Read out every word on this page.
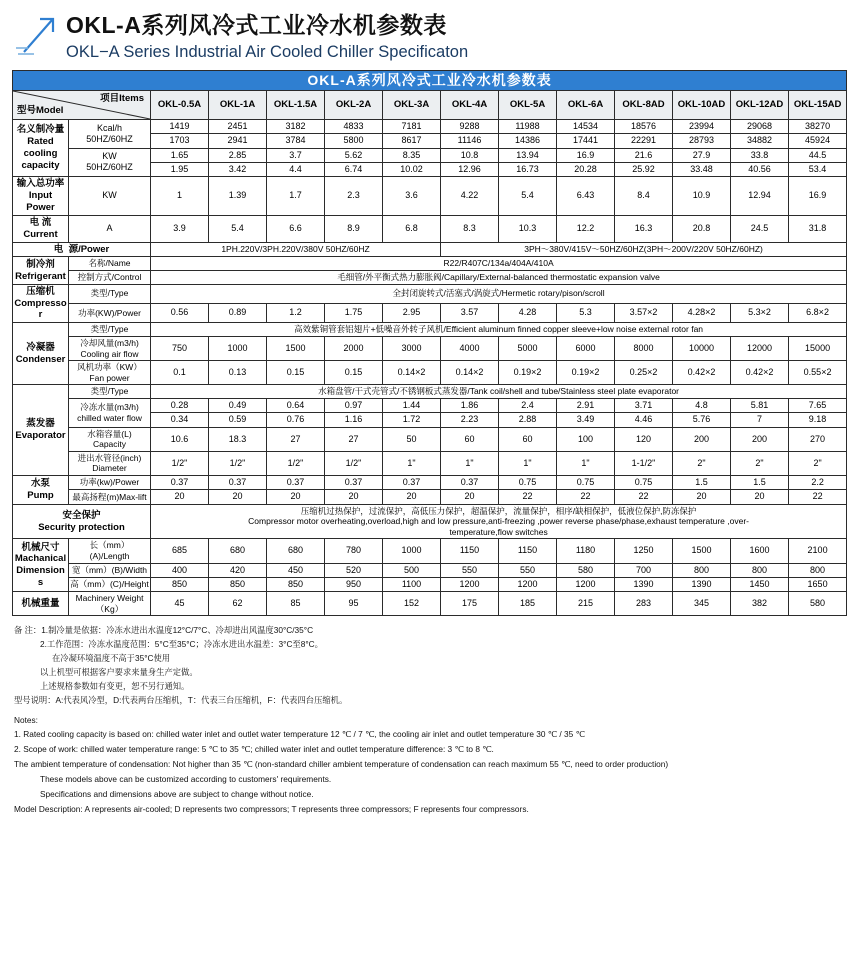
OKL-A系列风冷式工业冷水机参数表
OKL−A Series Industrial Air Cooled Chiller Specificaton
OKL-A系列风冷式工业冷水机参数表													

型号Model
项目Items		OKL-0.5A	OKL-1A	OKL-1.5A	OKL-2A	OKL-3A	OKL-4A	OKL-5A	OKL-6A	OKL-8AD	OKL-10AD	OKL-12AD	OKL-15AD

名义制冷量
Rated
cooling
capacity

Kcal/h
50HZ/60HZ
	1419	2451	3182	4833	7181	9288	11988	14534	18576	23994	29068	38270
		1703	2941	3784	5800	8617	11146	14386	17441	22291	28793	34882	45924

	KW
50HZ/60HZ	1.65	2.85	3.7	5.62	8.35	10.8	13.94	16.9	21.6	27.9	33.8	44.5
		1.95	3.42	4.4	6.74	10.02	12.96	16.73	20.28	25.92	33.48	40.56	53.4

输入总功率
Input Power	KW	1	1.39	1.7	2.3	3.6	4.22	5.4	6.43	8.4	10.9	12.94	16.9

电 流
Current	A	3.9	5.4	6.6	8.9	6.8	8.3	10.3	12.2	16.3	20.8	24.5	31.8
电 源/Power		1PH.220V/3PH.220V/380V 50HZ/60HZ					3PH～380V/415V～50HZ/60HZ(3PH～200V/220V 50HZ/60HZ)						

制冷剂
Refrigerant	名称/Name	R22/R407C/134a/404A/410A											
	控制方式/Control	毛细管/外平衡式热力膨胀阀/Capillary/External-balanced thermostatic expansion valve											

压缩机
Compressor	类型/Type	全封闭旋转式/活塞式/涡旋式/Hermetic rotary/pison/scroll											
	功率(KW)/Power	0.56	0.89	1.2	1.75	2.95	3.57	4.28	5.3	3.57×2	4.28×2	5.3×2	6.8×2

冷凝器
Condenser	类型/Type	高效紫铜管套铝翅片+低噪音外转子风机/Efficient aluminum finned copper sleeve+low noise external rotor fan											

	冷却风量(m3/h)
Cooling air flow	750	1000	1500	2000	3000	4000	5000	6000	8000	10000	12000	15000

	风机功率（KW）
Fan power	0.1	0.13	0.15	0.15	0.14×2	0.14×2	0.19×2	0.19×2	0.25×2	0.42×2	0.42×2	0.55×2

蒸发器
Evaporator	类型/Type	水箱盘管/干式壳管式/不锈钢板式蒸发器/Tank coil/shell and tube/Stainless steel plate evaporator											

	冷冻水量(m3/h)
chilled water flow	0.28	0.49	0.64	0.97	1.44	1.86	2.4	2.91	3.71	4.8	5.81	7.65
		0.34	0.59	0.76	1.16	1.72	2.23	2.88	3.49	4.46	5.76	7	9.18

	水箱容量(L)
Capacity	10.6	18.3	27	27	50	60	60	100	120	200	200	270

	进出水管径(inch)
Diameter	1/2"	1/2"	1/2"	1/2"	1"	1"	1"	1"	1-1/2"	2"	2"	2"

水泵
Pump	功率(kw)/Power	0.37	0.37	0.37	0.37	0.37	0.37	0.75	0.75	0.75	1.5	1.5	2.2
	最高扬程(m)Max-lift	20	20	20	20	20	20	22	22	22	20	20	22

安全保护
Security protection

压缩机过热保护，过流保护，高低压力保护，超温保护，流量保护，相序/缺相保护，低液位保护,防冻保护
Compressor motor overheating,overload,high and low pressure,anti-freezing ,power reverse phase/phase,exhaust temperature ,over-
temperature,flow switches

机械尺寸
Machanical
Dimensions	长（mm）(A)/Length	685	680	680	780	1000	1150	1150	1180	1250	1500	1600	2100
	宽（mm）(B)/Width	400	420	450	520	500	550	550	580	700	800	800	800
	高（mm）(C)/Height	850	850	850	950	1100	1200	1200	1200	1390	1390	1450	1650

机械重量	Machinery Weight
（Kg）	45	62	85	95	152	175	185	215	283	345	382	580
备 注：1.制冷量是依据：冷冻水进出水温度12°C/7°C、冷却进出风温度30°C/35°C
2.工作范围：冷冻水温度范围：5°C至35°C；冷冻水进出水温差：3°C至8°C。
在冷凝环境温度不高于35°C使用
以上机型可根据客户要求来量身生产定做。
上述规格参数如有变更，恕不另行通知。
型号说明：A:代表风冷型，D:代表两台压缩机，T：代表三台压缩机，F：代表四台压缩机。
Notes:
1. Rated cooling capacity is based on: chilled water inlet and outlet water temperature 12 ℃ / 7 ℃, the cooling air inlet and outlet temperature 30 ℃ / 35 ℃
2. Scope of work: chilled water temperature range: 5 ℃ to 35 ℃; chilled water inlet and outlet temperature difference: 3 ℃ to 8 ℃.
The ambient temperature of condensation: Not higher than 35 ℃ (non-standard chiller ambient temperature of condensation can reach maximum 55 ℃, need to order production)
These models above can be customized according to customers' requirements.
Specifications and dimensions above are subject to change without notice.
Model Description: A represents air-cooled; D represents two compressors; T represents three compressors; F represents four compressors.
